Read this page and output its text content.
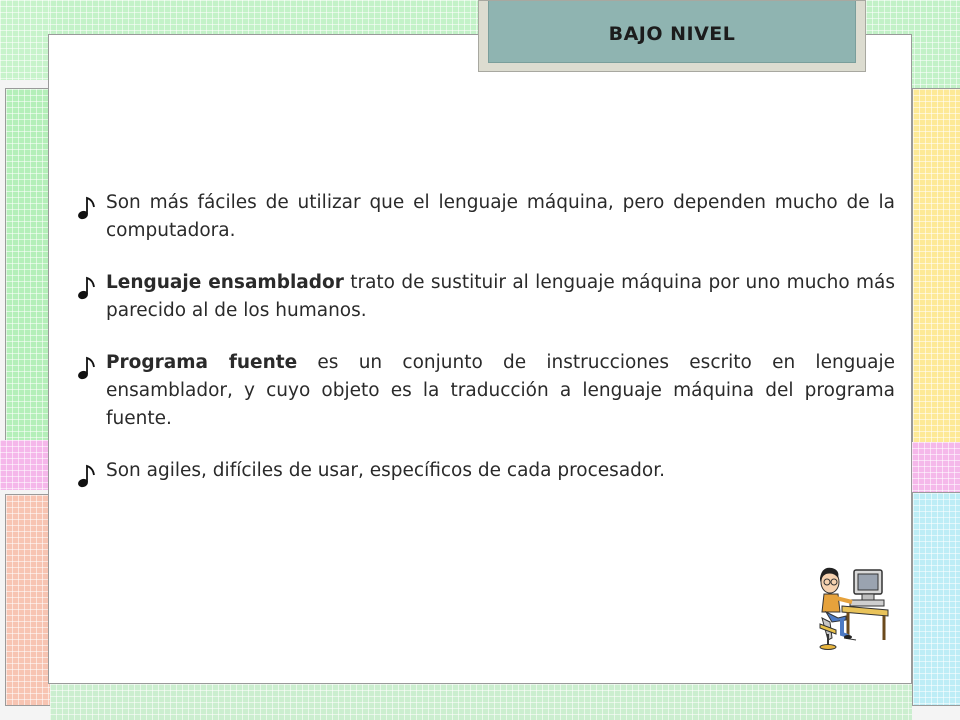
Son más fáciles de utilizar que el lenguaje máquina, pero dependen mucho de la computadora.
Lenguaje ensamblador trato de sustituir al lenguaje máquina por uno mucho más parecido al de los humanos.
Programa fuente es un conjunto de instrucciones escrito en lenguaje ensamblador, y cuyo objeto es la traducción a lenguaje máquina del programa fuente.
Son agiles, difíciles de usar, específicos de cada procesador.
BAJO NIVEL
